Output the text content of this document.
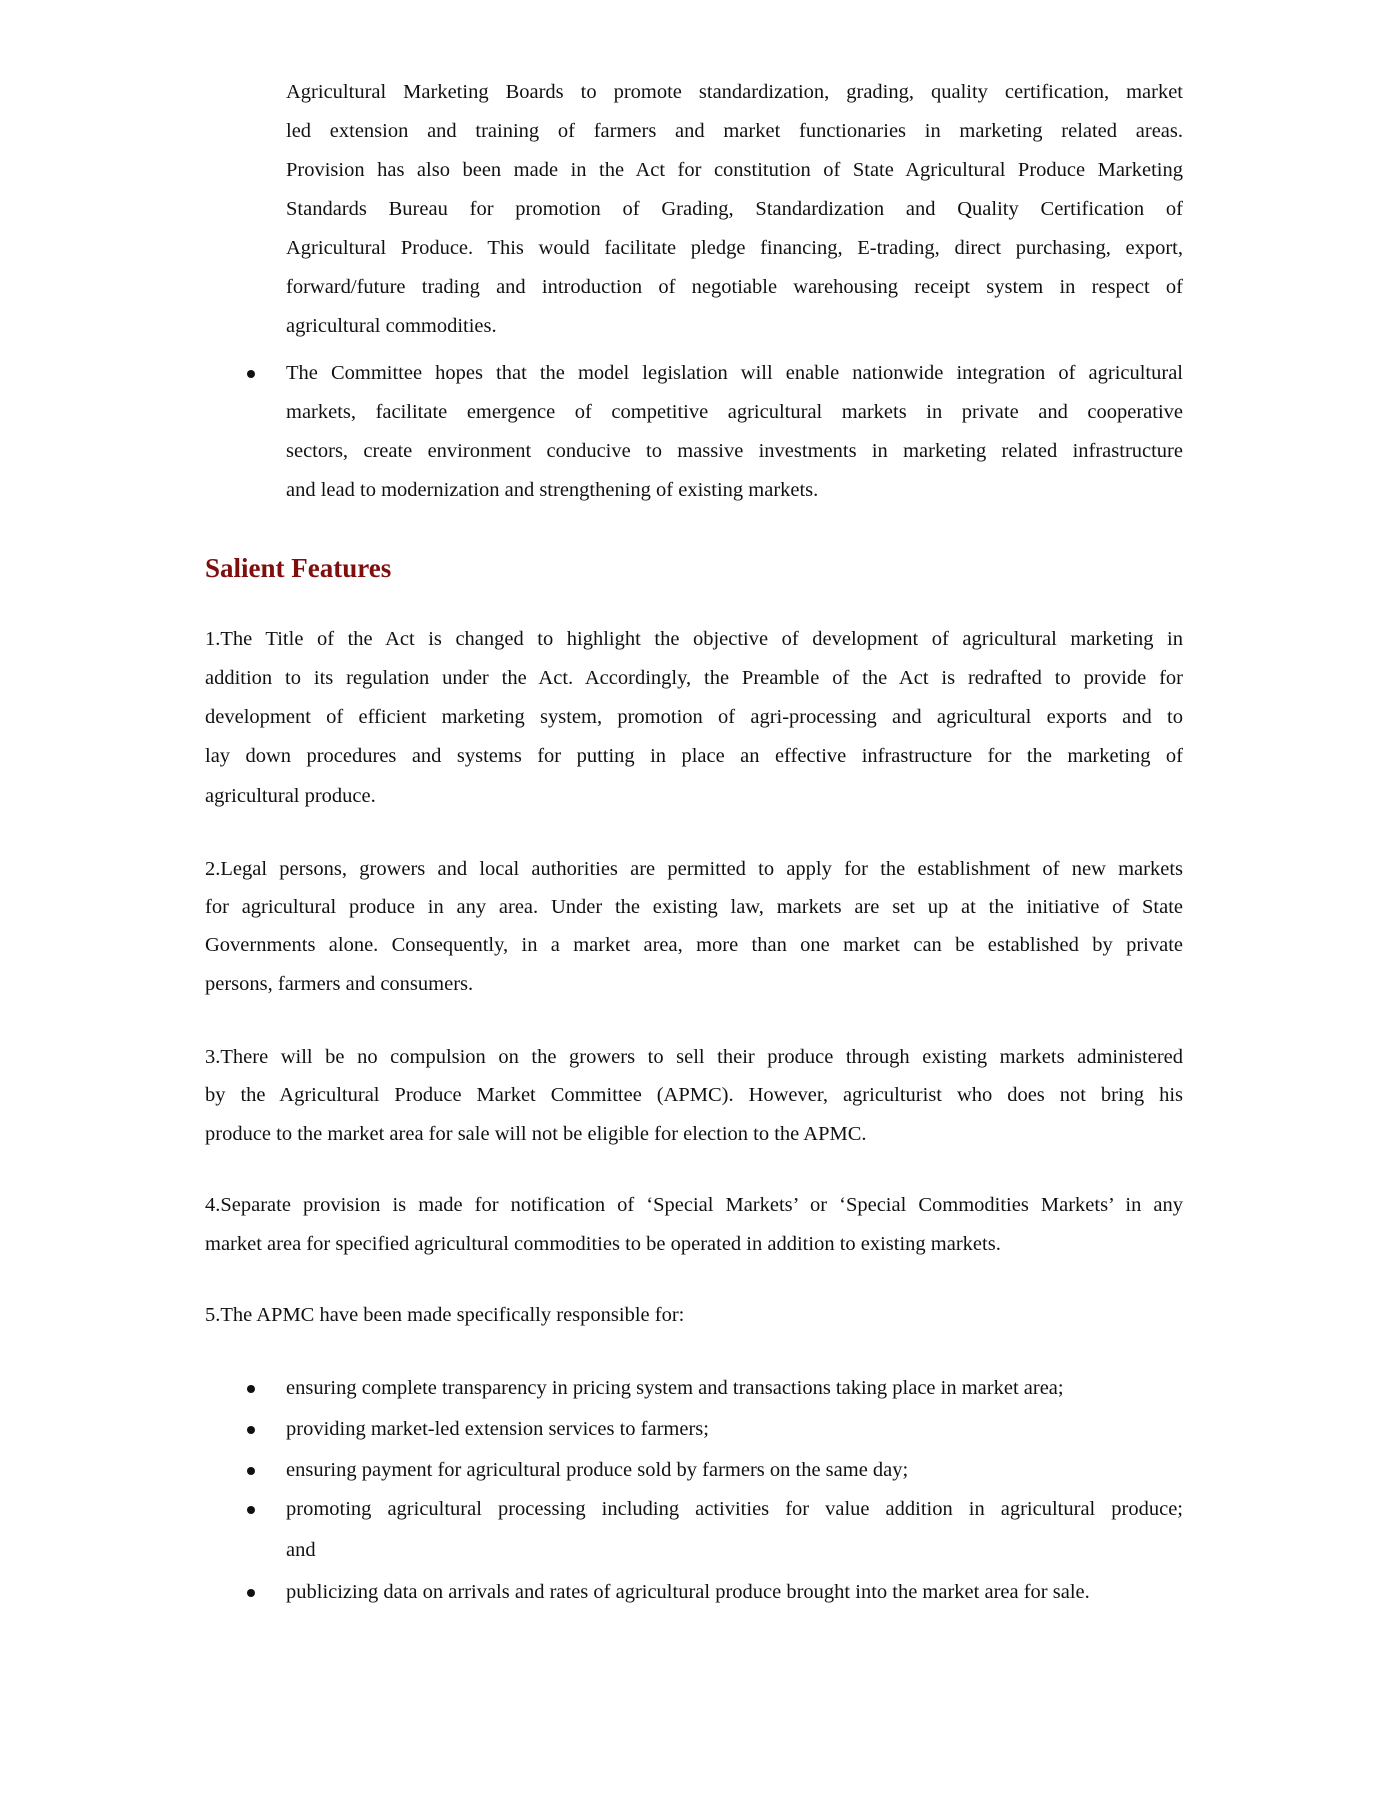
Agricultural Marketing Boards to promote standardization, grading, quality certification, market
led extension and training of farmers and market functionaries in marketing related areas.
Provision has also been made in the Act for constitution of State Agricultural Produce Marketing
Standards Bureau for promotion of Grading, Standardization and Quality Certification of
Agricultural Produce. This would facilitate pledge financing, E-trading, direct purchasing, export,
forward/future trading and introduction of negotiable warehousing receipt system in respect of
agricultural commodities.
The Committee hopes that the model legislation will enable nationwide integration of agricultural
markets, facilitate emergence of competitive agricultural markets in private and cooperative
sectors, create environment conducive to massive investments in marketing related infrastructure
and lead to modernization and strengthening of existing markets.
Salient Features
1.The Title of the Act is changed to highlight the objective of development of agricultural marketing in
addition to its regulation under the Act. Accordingly, the Preamble of the Act is redrafted to provide for
development of efficient marketing system, promotion of agri-processing and agricultural exports and to
lay down procedures and systems for putting in place an effective infrastructure for the marketing of
agricultural produce.
2.Legal persons, growers and local authorities are permitted to apply for the establishment of new markets
for agricultural produce in any area. Under the existing law, markets are set up at the initiative of State
Governments alone. Consequently, in a market area, more than one market can be established by private
persons, farmers and consumers.
3.There will be no compulsion on the growers to sell their produce through existing markets administered
by the Agricultural Produce Market Committee (APMC). However, agriculturist who does not bring his
produce to the market area for sale will not be eligible for election to the APMC.
4.Separate provision is made for notification of ‘Special Markets’ or ‘Special Commodities Markets’ in any
market area for specified agricultural commodities to be operated in addition to existing markets.
5.The APMC have been made specifically responsible for:
ensuring complete transparency in pricing system and transactions taking place in market area;
providing market-led extension services to farmers;
ensuring payment for agricultural produce sold by farmers on the same day;
promoting agricultural processing including activities for value addition in agricultural produce;
and
publicizing data on arrivals and rates of agricultural produce brought into the market area for sale.
